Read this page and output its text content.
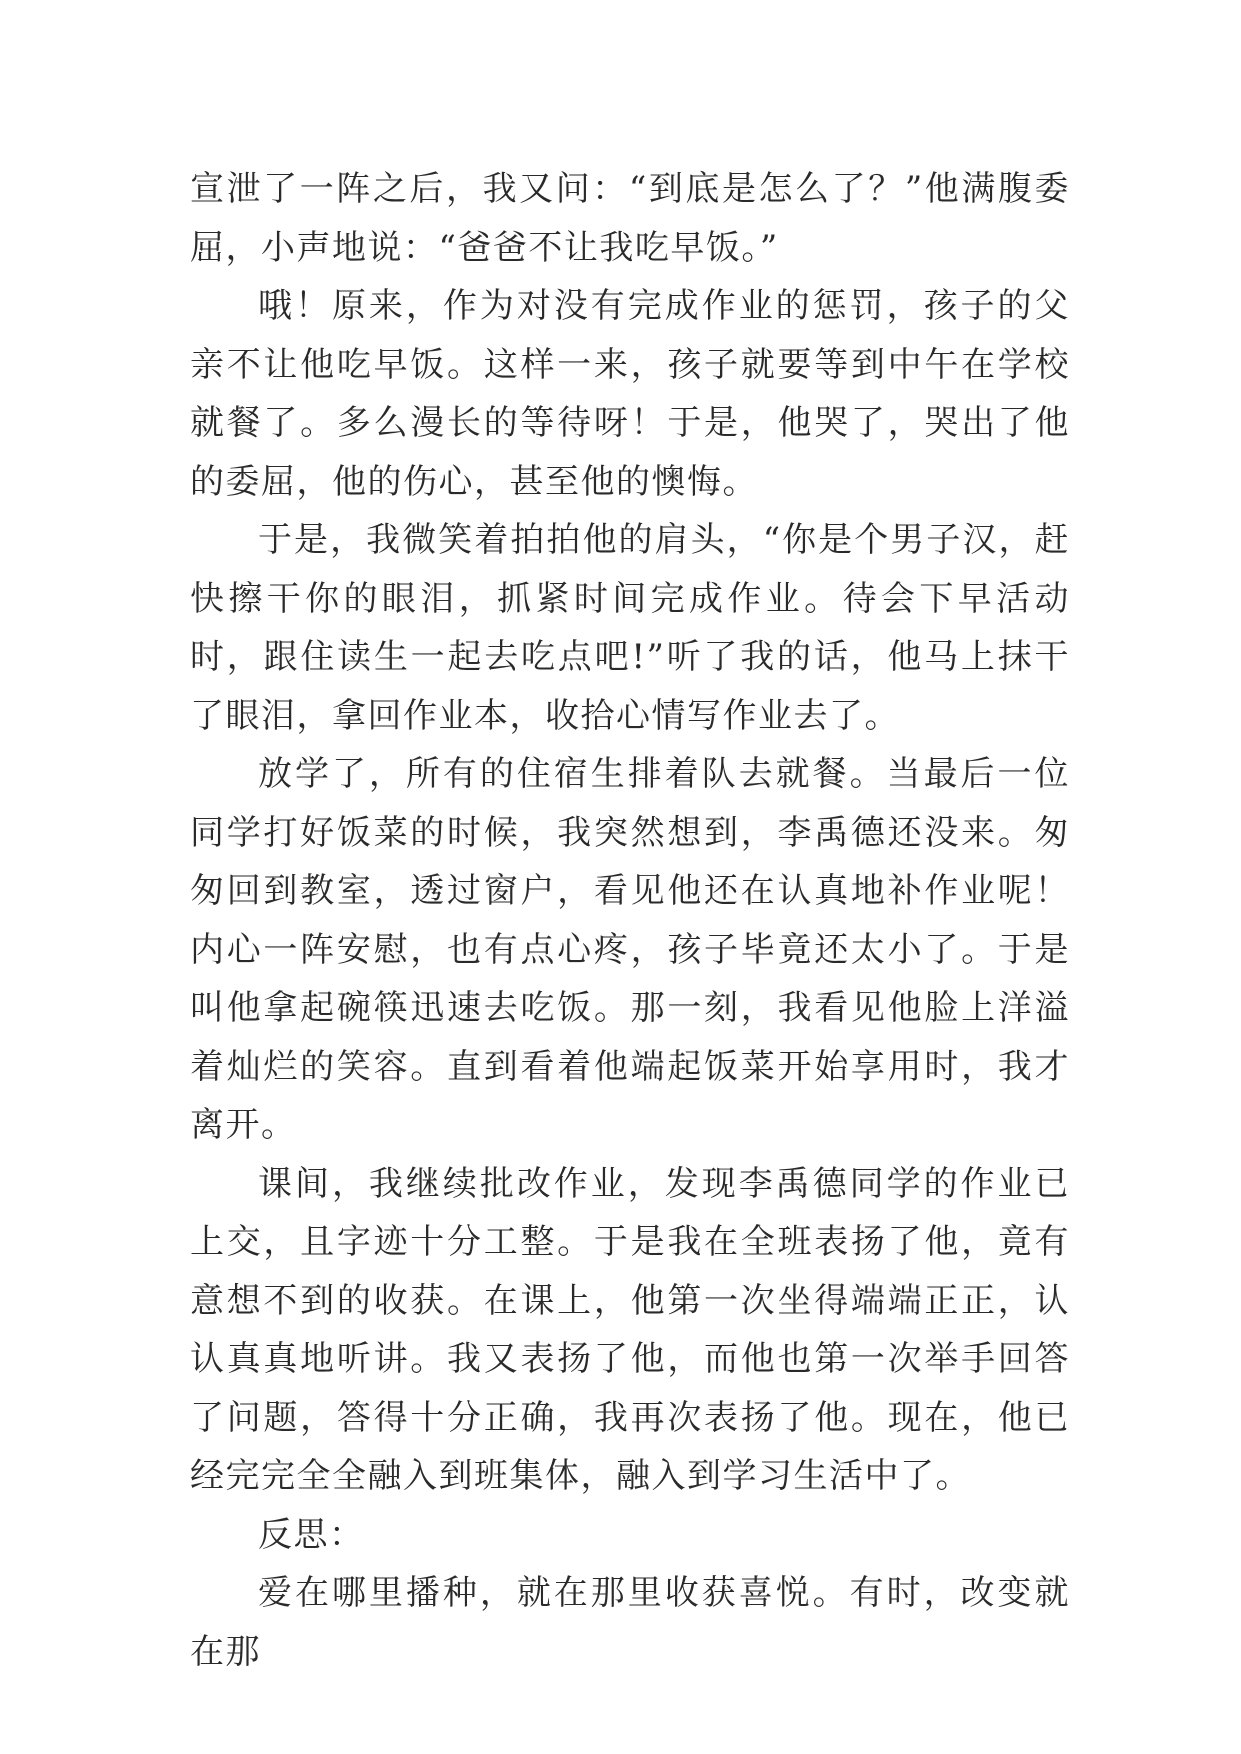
宣泄了一阵之后，我又问：“到底是怎么了？”他满腹委屈，小声地说：“爸爸不让我吃早饭。”

哦！原来，作为对没有完成作业的惩罚，孩子的父亲不让他吃早饭。这样一来，孩子就要等到中午在学校就餐了。多么漫长的等待呀！于是，他哭了，哭出了他的委屈，他的伤心，甚至他的懊悔。

于是，我微笑着拍拍他的肩头，“你是个男子汉，赶快擦干你的眼泪，抓紧时间完成作业。待会下早活动时，跟住读生一起去吃点吧!”听了我的话，他马上抹干了眼泪，拿回作业本，收拾心情写作业去了。

放学了，所有的住宿生排着队去就餐。当最后一位同学打好饭菜的时候，我突然想到，李禹德还没来。匆匆回到教室，透过窗户，看见他还在认真地补作业呢！内心一阵安慰，也有点心疼，孩子毕竟还太小了。于是叫他拿起碗筷迅速去吃饭。那一刻，我看见他脸上洋溢着灿烂的笑容。直到看着他端起饭菜开始享用时，我才离开。

课间，我继续批改作业，发现李禹德同学的作业已上交，且字迹十分工整。于是我在全班表扬了他，竟有意想不到的收获。在课上，他第一次坐得端端正正，认认真真地听讲。我又表扬了他，而他也第一次举手回答了问题，答得十分正确，我再次表扬了他。现在，他已经完完全全融入到班集体，融入到学习生活中了。

反思：

爱在哪里播种，就在那里收获喜悦。有时，改变就在那
